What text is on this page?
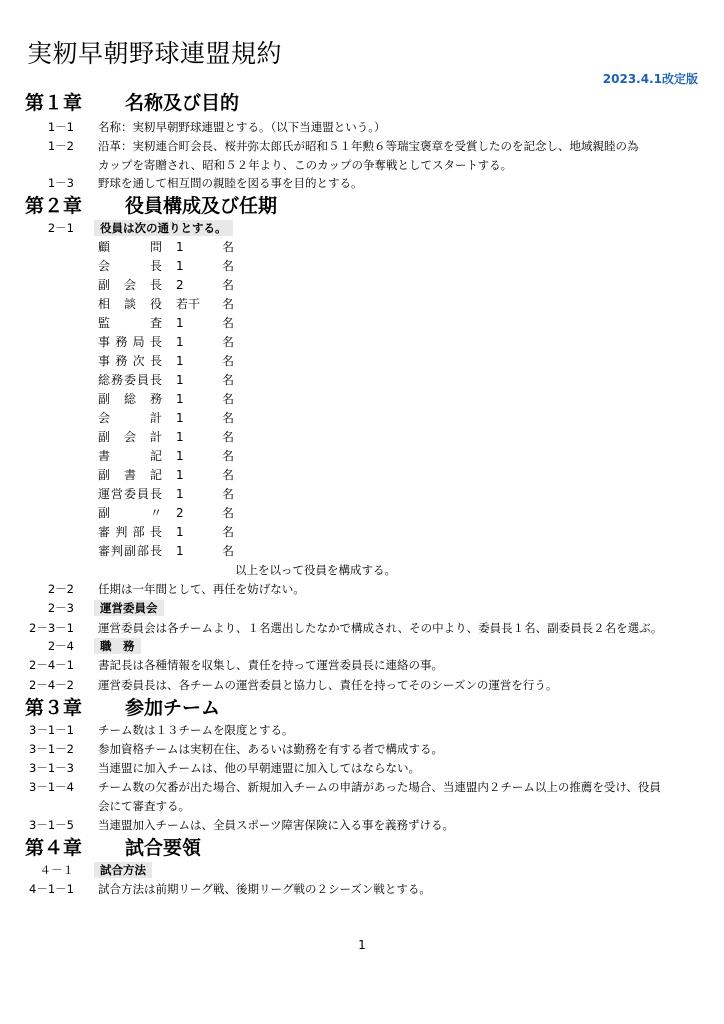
実籾早朝野球連盟規約
2023.4.1改定版
第１章 名称及び目的
1－1 名称：実籾早朝野球連盟とする。（以下当連盟という。）
1－2 沿革：実籾連合町会長、桜井弥太郎氏が昭和５１年勲６等瑞宝褒章を受賞したのを記念し、地域親睦の為
カップを寄贈され、昭和５２年より、このカップの争奪戦としてスタートする。
1－3 野球を通して相互間の親睦を図る事を目的とする。
第２章 役員構成及び任期
2－1 役員は次の通りとする。
顧問 1	名
会長 1	名
副会長 2	名
相談役 若干 名
監査 1	名
事務局長 1	名
事務次長 1	名
総務委員長 1	名
副総務 1	名
会計 1	名
副会計 1	名
書記 1	名
副書記 1	名
運営委員長 1	名
副〃 2	名
審判部長 1	名
審判副部長 1	名
以上を以って役員を構成する。
2－2 任期は一年間として、再任を妨げない。
2－3 運営委員会
2－3－1 運営委員会は各チームより、１名選出したなかで構成され、その中より、委員長１名、副委員長２名を選ぶ。
2－4 職　務
2－4－1 書記長は各種情報を収集し、責任を持って運営委員長に連絡の事。
2－4－2 運営委員長は、各チームの運営委員と協力し、責任を持ってそのシーズンの運営を行う。
第３章 参加チーム
3－1－1 チーム数は１３チームを限度とする。
3－1－2 参加資格チームは実籾在住、あるいは勤務を有する者で構成する。
3－1－3 当連盟に加入チームは、他の早朝連盟に加入してはならない。
3－1－4 チーム数の欠番が出た場合、新規加入チームの申請があった場合、当連盟内２チーム以上の推薦を受け、役員
会にて審査する。
3－1－5 当連盟加入チームは、全員スポーツ障害保険に入る事を義務ずける。
第４章 試合要領
４－１ 試合方法
4－1－1 試合方法は前期リーグ戦、後期リーグ戦の２シーズン戦とする。
1
